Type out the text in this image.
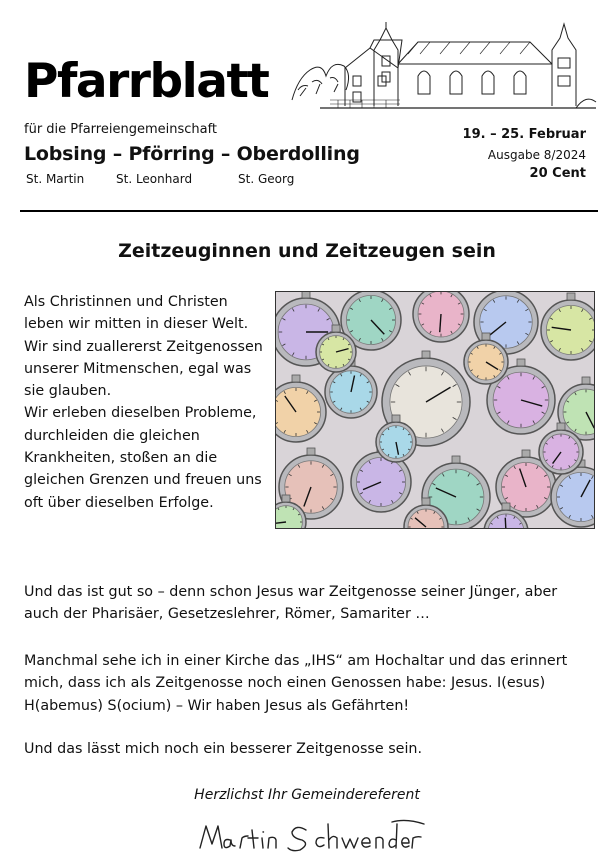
Pfarrblatt
für die Pfarreiengemeinschaft
Lobsing – Pförring – Oberdolling
St. Martin	St. Leonhard	St. Georg
19. – 25. Februar
Ausgabe 8/2024
20 Cent
Zeitzeuginnen und Zeitzeugen sein

Als Christinnen und Christen leben wir mitten in dieser Welt. Wir sind zuallererst Zeitgenossen unserer Mitmenschen, egal was sie glauben.

Wir erleben dieselben Probleme, durchleiden die gleichen Krankheiten, stoßen an die gleichen Grenzen und freuen uns oft über dieselben Erfolge.

Und das ist gut so – denn schon Jesus war Zeitgenosse seiner Jünger, aber auch der Pharisäer, Gesetzeslehrer, Römer, Samariter …

Manchmal sehe ich in einer Kirche das „IHS“ am Hochaltar und das erinnert mich, dass ich als Zeitgenosse noch einen Genossen habe: Jesus. I(esus) H(abemus) S(ocium) – Wir haben Jesus als Gefährten!

Und das lässt mich noch ein besserer Zeitgenosse sein.

Herzlichst Ihr Gemeindereferent
